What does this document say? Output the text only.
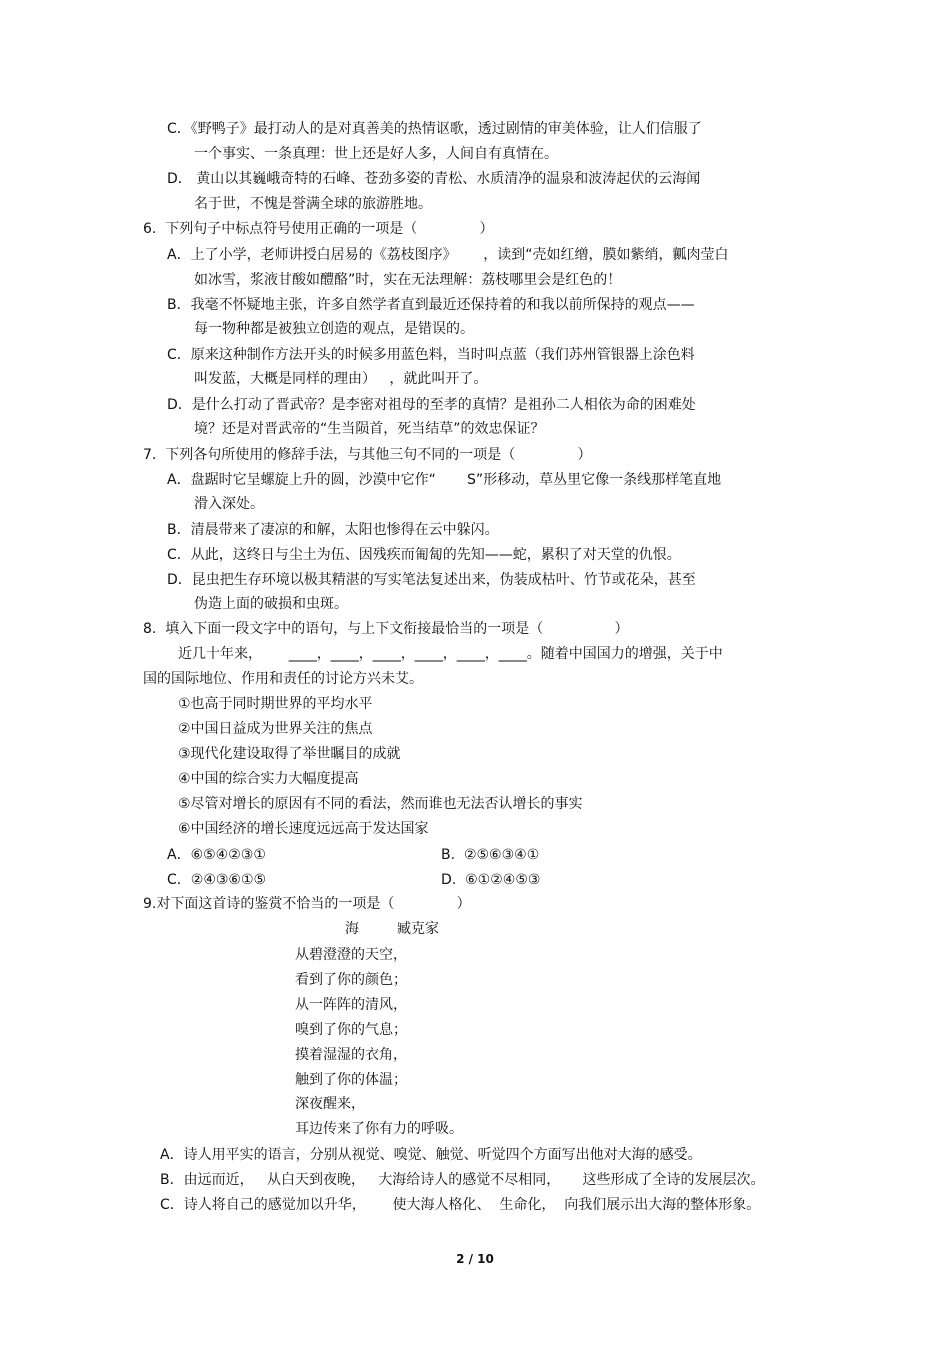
C．《野鸭子》最打动人的是对真善美的热情讴歌，透过剧情的审美体验，让人们信服了
一个事实、一条真理：世上还是好人多，人间自有真情在。
D． 黄山以其巍峨奇特的石峰、苍劲多姿的青松、水质清净的温泉和波涛起伏的云海闻
名于世，不愧是誉满全球的旅游胜地。
6.  下列句子中标点符号使用正确的一项是（              ）
A．上了小学，老师讲授白居易的《荔枝图序》      ，读到“壳如红缯，膜如紫绡，瓤肉莹白
如冰雪，浆液甘酸如醴酪”时，实在无法理解：荔枝哪里会是红色的！
B．我毫不怀疑地主张，许多自然学者直到最近还保持着的和我以前所保持的观点——
每一物种都是被独立创造的观点，是错误的。
C．原来这种制作方法开头的时候多用蓝色料，当时叫点蓝（我们苏州管银器上涂色料
叫发蓝，大概是同样的理由）   ，就此叫开了。
D．是什么打动了晋武帝？是李密对祖母的至孝的真情？是祖孙二人相依为命的困难处
境？还是对晋武帝的“生当陨首，死当结草”的效忠保证？
7.  下列各句所使用的修辞手法，与其他三句不同的一项是（              ）
A．盘踞时它呈螺旋上升的圆，沙漠中它作“       S”形移动，草丛里它像一条线那样笔直地
滑入深处。
B．清晨带来了凄凉的和解，太阳也惨得在云中躲闪。
C．从此，这终日与尘土为伍、因残疾而匍匐的先知——蛇，累积了对天堂的仇恨。
D．昆虫把生存环境以极其精湛的写实笔法复述出来，伪装成枯叶、竹节或花朵，甚至
伪造上面的破损和虫斑。
8.  填入下面一段文字中的语句，与上下文衔接最恰当的一项是（                ）
近几十年来，      ____，____，____，____，____，____。随着中国国力的增强，关于中
国的国际地位、作用和责任的讨论方兴未艾。
①也高于同时期世界的平均水平
②中国日益成为世界关注的焦点
③现代化建设取得了举世瞩目的成就
④中国的综合实力大幅度提高
⑤尽管对增长的原因有不同的看法，然而谁也无法否认增长的事实
⑥中国经济的增长速度远远高于发达国家
A．⑥⑤④②③①	B.  ②⑤⑥③④①
C．②④③⑥①⑤	D.  ⑥①②④⑤③
9.对下面这首诗的鉴赏不恰当的一项是（              ）
海	臧克家
从碧澄澄的天空，
看到了你的颜色；
从一阵阵的清风，
嗅到了你的气息；
摸着湿湿的衣角，
触到了你的体温；
深夜醒来，
耳边传来了你有力的呼吸。
A．诗人用平实的语言，分别从视觉、嗅觉、触觉、听觉四个方面写出他对大海的感受。
B．由远而近，   从白天到夜晚，   大海给诗人的感觉不尽相同，     这些形成了全诗的发展层次。
C．诗人将自己的感觉加以升华，      使大海人格化、  生命化，  向我们展示出大海的整体形象。
2 / 10
